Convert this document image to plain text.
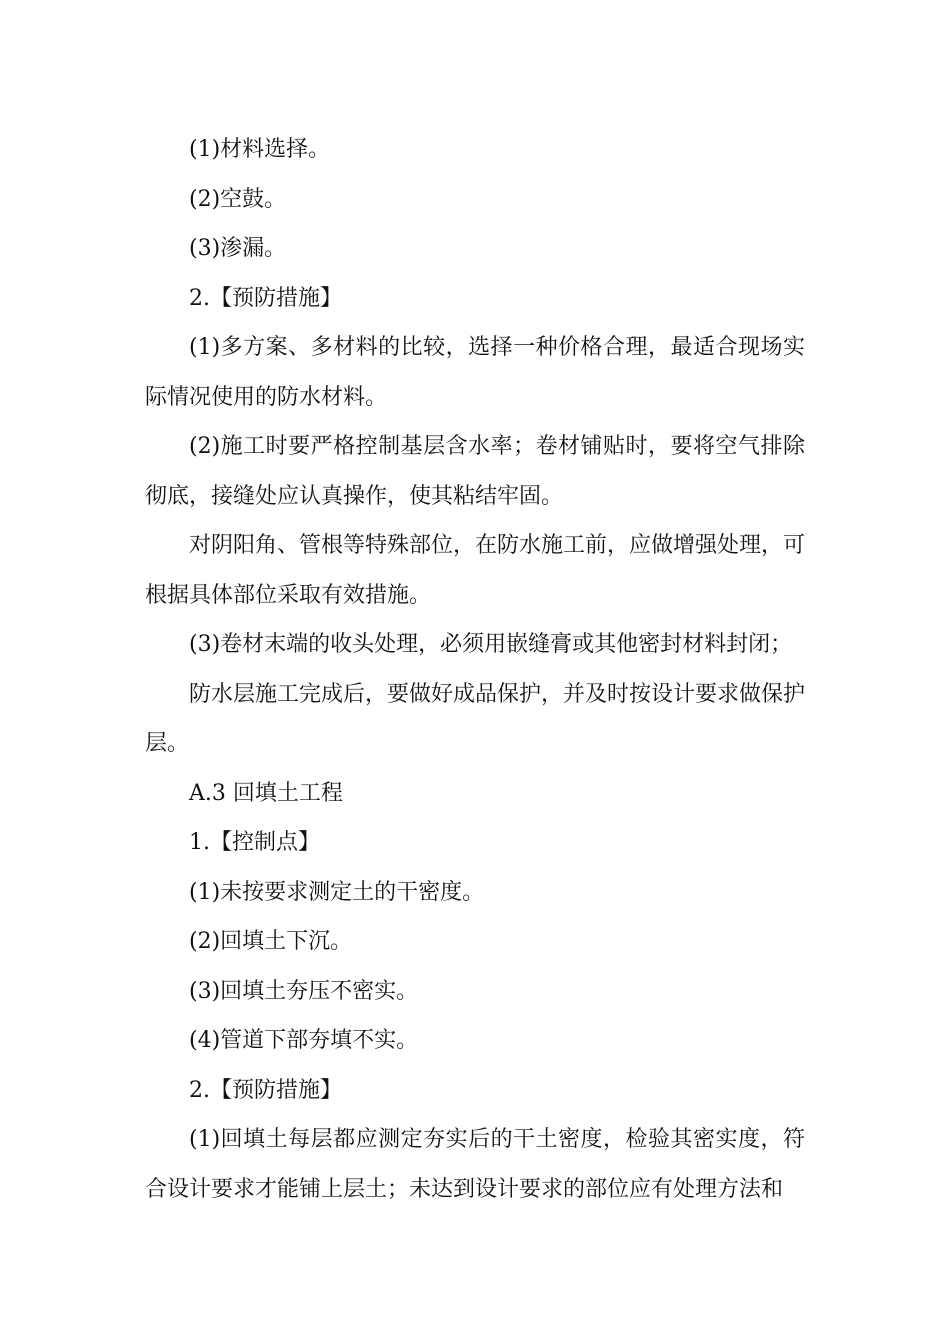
(1)材料选择。

(2)空鼓。

(3)渗漏。

2.【预防措施】

(1)多方案、多材料的比较，选择一种价格合理，最适合现场实际情况使用的防水材料。

(2)施工时要严格控制基层含水率；卷材铺贴时，要将空气排除彻底，接缝处应认真操作，使其粘结牢固。

对阴阳角、管根等特殊部位，在防水施工前，应做增强处理，可根据具体部位采取有效措施。

(3)卷材末端的收头处理，必须用嵌缝膏或其他密封材料封闭；

防水层施工完成后，要做好成品保护，并及时按设计要求做保护层。

A.3 回填土工程

1.【控制点】

(1)未按要求测定土的干密度。

(2)回填土下沉。

(3)回填土夯压不密实。

(4)管道下部夯填不实。

2.【预防措施】

(1)回填土每层都应测定夯实后的干土密度，检验其密实度，符合设计要求才能铺上层土；未达到设计要求的部位应有处理方法和
